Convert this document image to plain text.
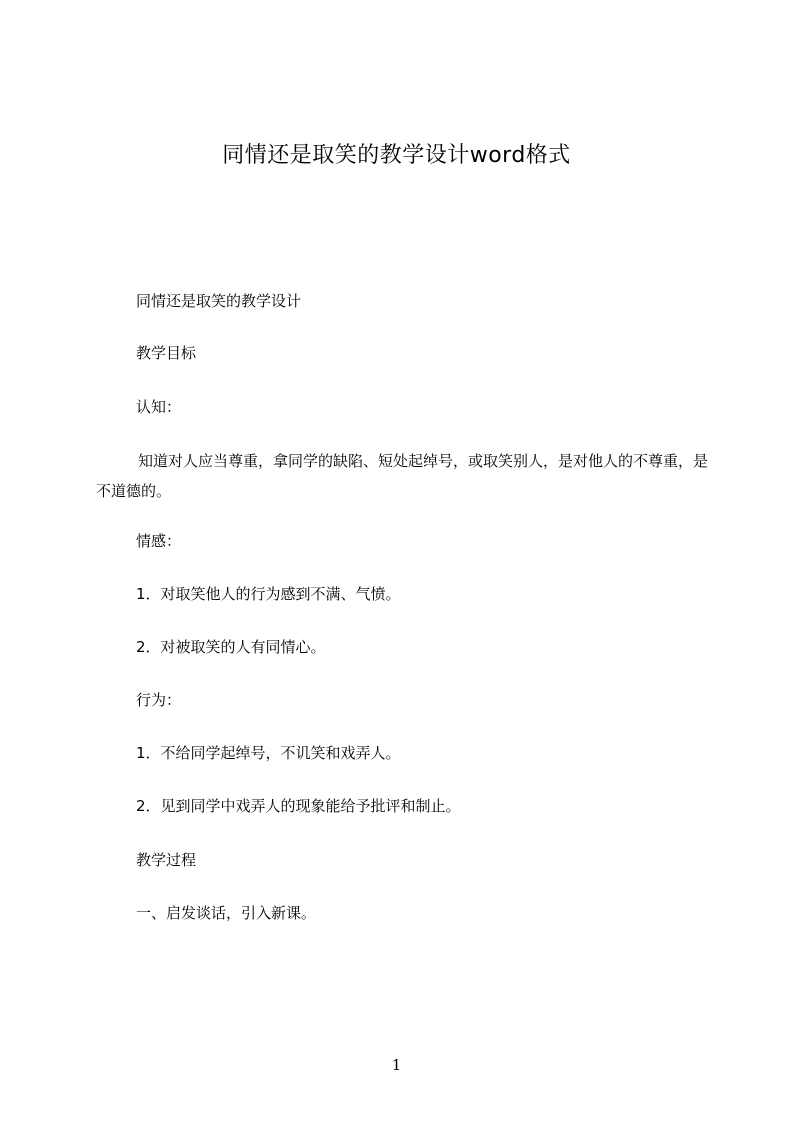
同情还是取笑的教学设计word格式
同情还是取笑的教学设计
教学目标
认知：
知道对人应当尊重，拿同学的缺陷、短处起绰号，或取笑别人，是对他人的不尊重，是不道德的。
情感：
1．对取笑他人的行为感到不满、气愤。
2．对被取笑的人有同情心。
行为：
1．不给同学起绰号，不讥笑和戏弄人。
2．见到同学中戏弄人的现象能给予批评和制止。
教学过程
一、启发谈话，引入新课。
1
